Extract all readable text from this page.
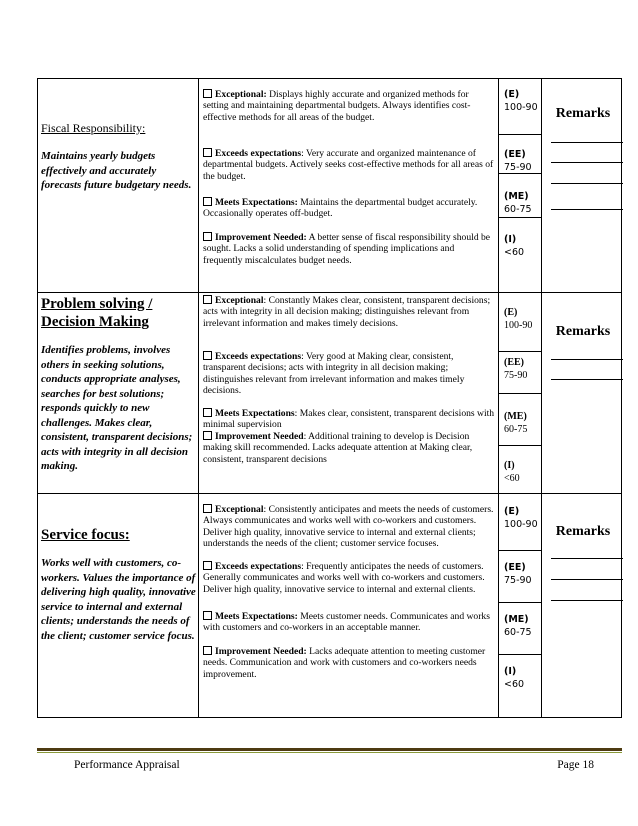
Fiscal Responsibility:
Maintains yearly budgets effectively and accurately forecasts future budgetary needs.
Exceptional: Displays highly accurate and organized methods for setting and maintaining departmental budgets. Always identifies cost-effective methods for all areas of the budget.
Exceeds expectations: Very accurate and organized maintenance of departmental budgets. Actively seeks cost-effective methods for all areas of the budget.
Meets Expectations: Maintains the departmental budget accurately. Occasionally operates off-budget.
Improvement Needed: A better sense of fiscal responsibility should be sought. Lacks a solid understanding of spending implications and frequently miscalculates budget needs.
(E)
100-90
(EE)
75-90
(ME)
60-75
(I)
<60
Remarks
Problem solving / Decision Making
Identifies problems, involves others in seeking solutions, conducts appropriate analyses, searches for best solutions; responds quickly to new challenges. Makes clear, consistent, transparent decisions; acts with integrity in all decision making.
Exceptional: Constantly Makes clear, consistent, transparent decisions; acts with integrity in all decision making; distinguishes relevant from irrelevant information and makes timely decisions.
Exceeds expectations: Very good at Making clear, consistent, transparent decisions; acts with integrity in all decision making; distinguishes relevant from irrelevant information and makes timely decisions.
Meets Expectations: Makes clear, consistent, transparent decisions with minimal supervision
Improvement Needed: Additional training to develop is Decision making skill recommended. Lacks adequate attention at Making clear, consistent, transparent decisions
(E)
100-90
(EE)
75-90
(ME)
60-75
(I)
<60
Remarks
Service focus:
Works well with customers, co-workers. Values the importance of delivering high quality, innovative service to internal and external clients; understands the needs of the client; customer service focus.
Exceptional: Consistently anticipates and meets the needs of customers. Always communicates and works well with co-workers and customers. Deliver high quality, innovative service to internal and external clients; understands the needs of the client; customer service focuses.
Exceeds expectations: Frequently anticipates the needs of customers. Generally communicates and works well with co-workers and customers. Deliver high quality, innovative service to internal and external clients.
Meets Expectations: Meets customer needs. Communicates and works with customers and co-workers in an acceptable manner.
Improvement Needed: Lacks adequate attention to meeting customer needs. Communication and work with customers and co-workers needs improvement.
(E)
100-90
(EE)
75-90
(ME)
60-75
(I)
<60
Remarks
Performance Appraisal	Page 18
